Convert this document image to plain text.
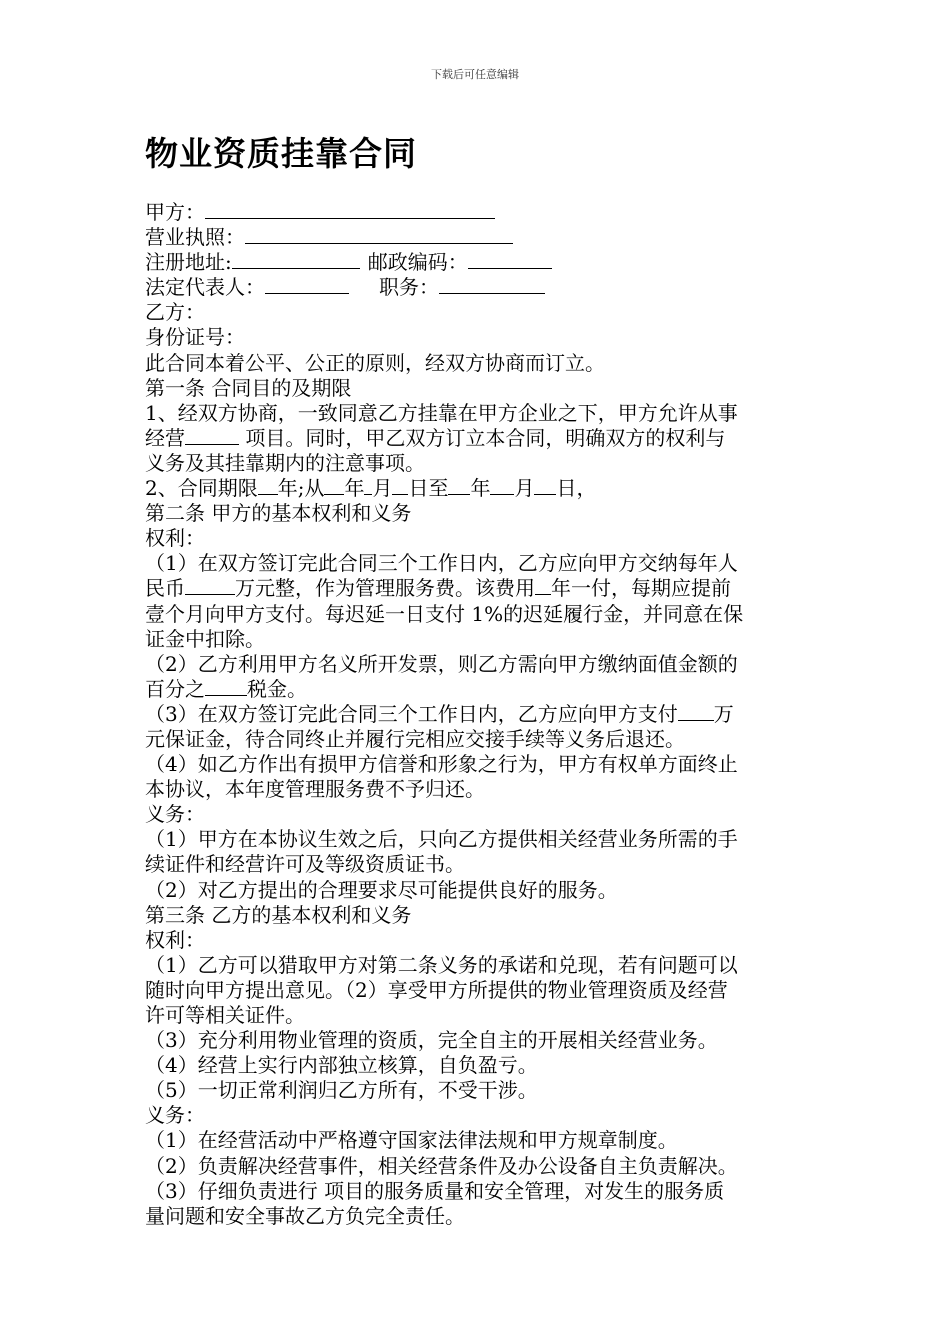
下载后可任意编辑
物业资质挂靠合同
甲方：
营业执照：
注册地址:	邮政编码：
法定代表人：	职务：
乙方：
身份证号：
此合同本着公平、公正的原则，经双方协商而订立。
第一条 合同目的及期限
1、经双方协商，一致同意乙方挂靠在甲方企业之下，甲方允许从事
经营	项目。同时，甲乙双方订立本合同，明确双方的权利与
义务及其挂靠期内的注意事项。
2、合同期限 年;从 年 月 日至 年 月 日，
第二条 甲方的基本权利和义务
权利：
（1）在双方签订完此合同三个工作日内，乙方应向甲方交纳每年人
民币	万元整，作为管理服务费。该费用 年一付，每期应提前
壹个月向甲方支付。每迟延一日支付 1%的迟延履行金，并同意在保
证金中扣除。
（2）乙方利用甲方名义所开发票，则乙方需向甲方缴纳面值金额的
百分之 税金。
（3）在双方签订完此合同三个工作日内，乙方应向甲方支付 万
元保证金，待合同终止并履行完相应交接手续等义务后退还。
（4）如乙方作出有损甲方信誉和形象之行为，甲方有权单方面终止
本协议，本年度管理服务费不予归还。
义务：
（1）甲方在本协议生效之后，只向乙方提供相关经营业务所需的手
续证件和经营许可及等级资质证书。
（2）对乙方提出的合理要求尽可能提供良好的服务。
第三条 乙方的基本权利和义务
权利：
（1）乙方可以猎取甲方对第二条义务的承诺和兑现，若有问题可以
随时向甲方提出意见。（2）享受甲方所提供的物业管理资质及经营
许可等相关证件。
（3）充分利用物业管理的资质，完全自主的开展相关经营业务。
（4）经营上实行内部独立核算，自负盈亏。
（5）一切正常利润归乙方所有，不受干涉。
义务：
（1）在经营活动中严格遵守国家法律法规和甲方规章制度。
（2）负责解决经营事件，相关经营条件及办公设备自主负责解决。
（3）仔细负责进行 项目的服务质量和安全管理，对发生的服务质
量问题和安全事故乙方负完全责任。
